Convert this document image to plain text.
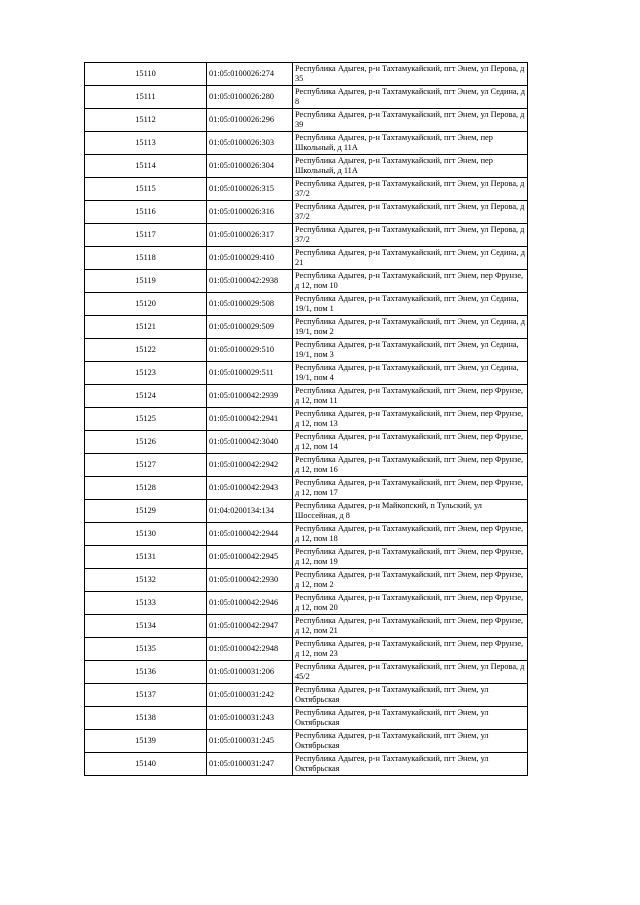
15110	01:05:0100026:274	Республика Адыгея, р-н Тахтамукайский, пгт Энем, ул Перова, д 35
15111	01:05:0100026:280	Республика Адыгея, р-н Тахтамукайский, пгт Энем, ул Седина, д 8
15112	01:05:0100026:296	Республика Адыгея, р-н Тахтамукайский, пгт Энем, ул Перова, д 39
15113	01:05:0100026:303	Республика Адыгея, р-н Тахтамукайский, пгт Энем, пер Школьный, д 11А
15114	01:05:0100026:304	Республика Адыгея, р-н Тахтамукайский, пгт Энем, пер Школьный, д 11А
15115	01:05:0100026:315	Республика Адыгея, р-н Тахтамукайский, пгт Энем, ул Перова, д 37/2
15116	01:05:0100026:316	Республика Адыгея, р-н Тахтамукайский, пгт Энем, ул Перова, д 37/2
15117	01:05:0100026:317	Республика Адыгея, р-н Тахтамукайский, пгт Энем, ул Перова, д 37/2
15118	01:05:0100029:410	Республика Адыгея, р-н Тахтамукайский, пгт Энем, ул Седина, д 21
15119	01:05:0100042:2938	Республика Адыгея, р-н Тахтамукайский, пгт Энем, пер Фрунзе, д 12, пом 10
15120	01:05:0100029:508	Республика Адыгея, р-н Тахтамукайский, пгт Энем, ул Седина, 19/1, пом 1
15121	01:05:0100029:509	Республика Адыгея, р-н Тахтамукайский, пгт Энем, ул Седина, д 19/1, пом 2
15122	01:05:0100029:510	Республика Адыгея, р-н Тахтамукайский, пгт Энем, ул Седина, 19/1, пом 3
15123	01:05:0100029:511	Республика Адыгея, р-н Тахтамукайский, пгт Энем, ул Седина, 19/1, пом 4
15124	01:05:0100042:2939	Республика Адыгея, р-н Тахтамукайский, пгт Энем, пер Фрунзе, д 12, пом 11
15125	01:05:0100042:2941	Республика Адыгея, р-н Тахтамукайский, пгт Энем, пер Фрунзе, д 12, пом 13
15126	01:05:0100042:3040	Республика Адыгея, р-н Тахтамукайский, пгт Энем, пер Фрунзе, д 12, пом 14
15127	01:05:0100042:2942	Республика Адыгея, р-н Тахтамукайский, пгт Энем, пер Фрунзе, д 12, пом 16
15128	01:05:0100042:2943	Республика Адыгея, р-н Тахтамукайский, пгт Энем, пер Фрунзе, д 12, пом 17
15129	01:04:0200134:134	Республика Адыгея, р-н Майкопский, п Тульский, ул Шоссейная, д 8
15130	01:05:0100042:2944	Республика Адыгея, р-н Тахтамукайский, пгт Энем, пер Фрунзе, д 12, пом 18
15131	01:05:0100042:2945	Республика Адыгея, р-н Тахтамукайский, пгт Энем, пер Фрунзе, д 12, пом 19
15132	01:05:0100042:2930	Республика Адыгея, р-н Тахтамукайский, пгт Энем, пер Фрунзе, д 12, пом 2
15133	01:05:0100042:2946	Республика Адыгея, р-н Тахтамукайский, пгт Энем, пер Фрунзе, д 12, пом 20
15134	01:05:0100042:2947	Республика Адыгея, р-н Тахтамукайский, пгт Энем, пер Фрунзе, д 12, пом 21
15135	01:05:0100042:2948	Республика Адыгея, р-н Тахтамукайский, пгт Энем, пер Фрунзе, д 12, пом 23
15136	01:05:0100031:206	Республика Адыгея, р-н Тахтамукайский, пгт Энем, ул Перова, д 45/2
15137	01:05:0100031:242	Республика Адыгея, р-н Тахтамукайский, пгт Энем, ул Октябрьская
15138	01:05:0100031:243	Республика Адыгея, р-н Тахтамукайский, пгт Энем, ул Октябрьская
15139	01:05:0100031:245	Республика Адыгея, р-н Тахтамукайский, пгт Энем, ул Октябрьская
15140	01:05:0100031:247	Республика Адыгея, р-н Тахтамукайский, пгт Энем, ул Октябрьская
